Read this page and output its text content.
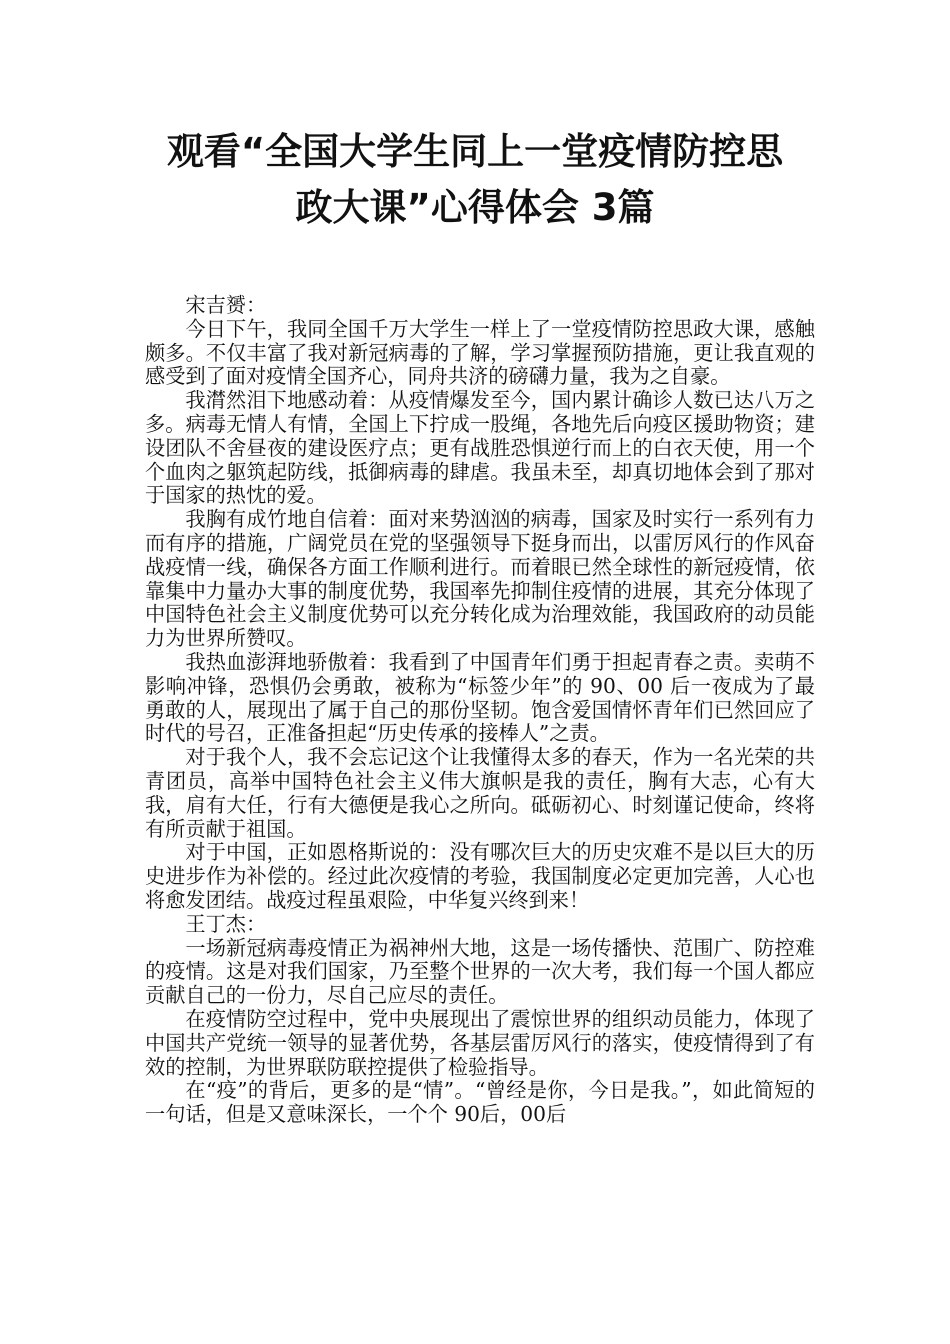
观看“全国大学生同上一堂疫情防控思
政大课”心得体会 3篇

宋吉赟：

今日下午，我同全国千万大学生一样上了一堂疫情防控思政大课，感触颇多。不仅丰富了我对新冠病毒的了解，学习掌握预防措施，更让我直观的感受到了面对疫情全国齐心，同舟共济的磅礴力量，我为之自豪。

我潸然泪下地感动着：从疫情爆发至今，国内累计确诊人数已达八万之多。病毒无情人有情，全国上下拧成一股绳，各地先后向疫区援助物资；建设团队不舍昼夜的建设医疗点；更有战胜恐惧逆行而上的白衣天使，用一个个血肉之躯筑起防线，抵御病毒的肆虐。我虽未至，却真切地体会到了那对于国家的热忱的爱。

我胸有成竹地自信着：面对来势汹汹的病毒，国家及时实行一系列有力而有序的措施，广阔党员在党的坚强领导下挺身而出，以雷厉风行的作风奋战疫情一线，确保各方面工作顺利进行。而着眼已然全球性的新冠疫情，依靠集中力量办大事的制度优势，我国率先抑制住疫情的进展，其充分体现了中国特色社会主义制度优势可以充分转化成为治理效能，我国政府的动员能力为世界所赞叹。

我热血澎湃地骄傲着：我看到了中国青年们勇于担起青春之责。卖萌不影响冲锋，恐惧仍会勇敢，被称为“标签少年”的 90、00 后一夜成为了最勇敢的人，展现出了属于自己的那份坚韧。饱含爱国情怀青年们已然回应了时代的号召，正准备担起“历史传承的接棒人”之责。

对于我个人，我不会忘记这个让我懂得太多的春天，作为一名光荣的共青团员，高举中国特色社会主义伟大旗帜是我的责任，胸有大志，心有大我，肩有大任，行有大德便是我心之所向。砥砺初心、时刻谨记使命，终将有所贡献于祖国。

对于中国，正如恩格斯说的：没有哪次巨大的历史灾难不是以巨大的历史进步作为补偿的。经过此次疫情的考验，我国制度必定更加完善，人心也将愈发团结。战疫过程虽艰险，中华复兴终到来！

王丁杰：

一场新冠病毒疫情正为祸神州大地，这是一场传播快、范围广、防控难的疫情。这是对我们国家，乃至整个世界的一次大考，我们每一个国人都应贡献自己的一份力，尽自己应尽的责任。

在疫情防空过程中，党中央展现出了震惊世界的组织动员能力，体现了中国共产党统一领导的显著优势，各基层雷厉风行的落实，使疫情得到了有效的控制，为世界联防联控提供了检验指导。

在“疫”的背后，更多的是“情”。“曾经是你，今日是我。”，如此简短的一句话，但是又意味深长，一个个 90后，00后
